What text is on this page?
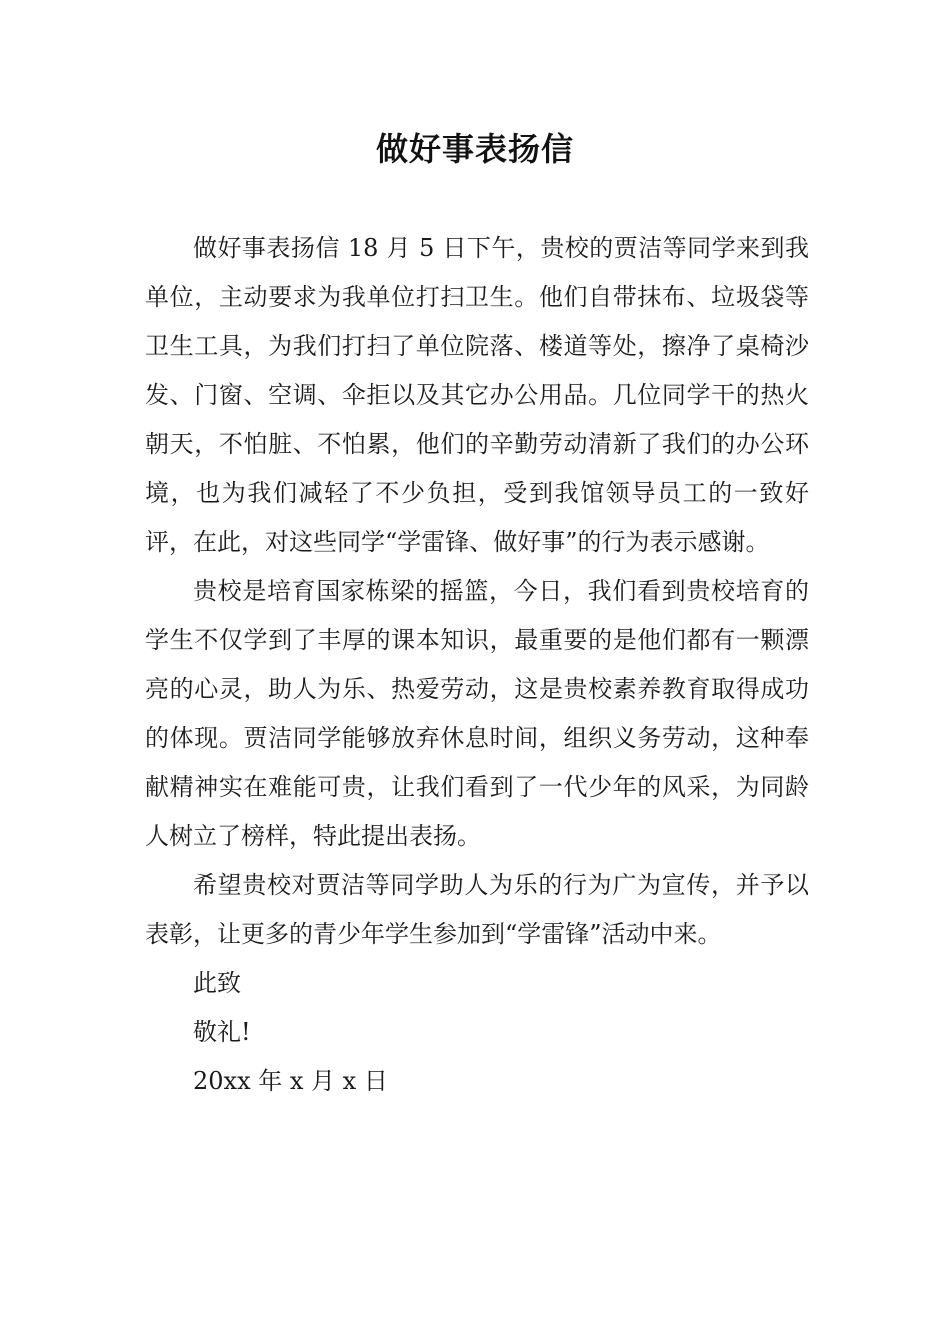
做好事表扬信

做好事表扬信 18 月 5 日下午，贵校的贾洁等同学来到我单位，主动要求为我单位打扫卫生。他们自带抹布、垃圾袋等卫生工具，为我们打扫了单位院落、楼道等处，擦净了桌椅沙发、门窗、空调、伞拒以及其它办公用品。几位同学干的热火朝天，不怕脏、不怕累，他们的辛勤劳动清新了我们的办公环境，也为我们减轻了不少负担，受到我馆领导员工的一致好评，在此，对这些同学“学雷锋、做好事”的行为表示感谢。

贵校是培育国家栋梁的摇篮，今日，我们看到贵校培育的学生不仅学到了丰厚的课本知识，最重要的是他们都有一颗漂亮的心灵，助人为乐、热爱劳动，这是贵校素养教育取得成功的体现。贾洁同学能够放弃休息时间，组织义务劳动，这种奉献精神实在难能可贵，让我们看到了一代少年的风采，为同龄人树立了榜样，特此提出表扬。

希望贵校对贾洁等同学助人为乐的行为广为宣传，并予以表彰，让更多的青少年学生参加到“学雷锋”活动中来。

此致

敬礼!

20xx 年 x 月 x 日
